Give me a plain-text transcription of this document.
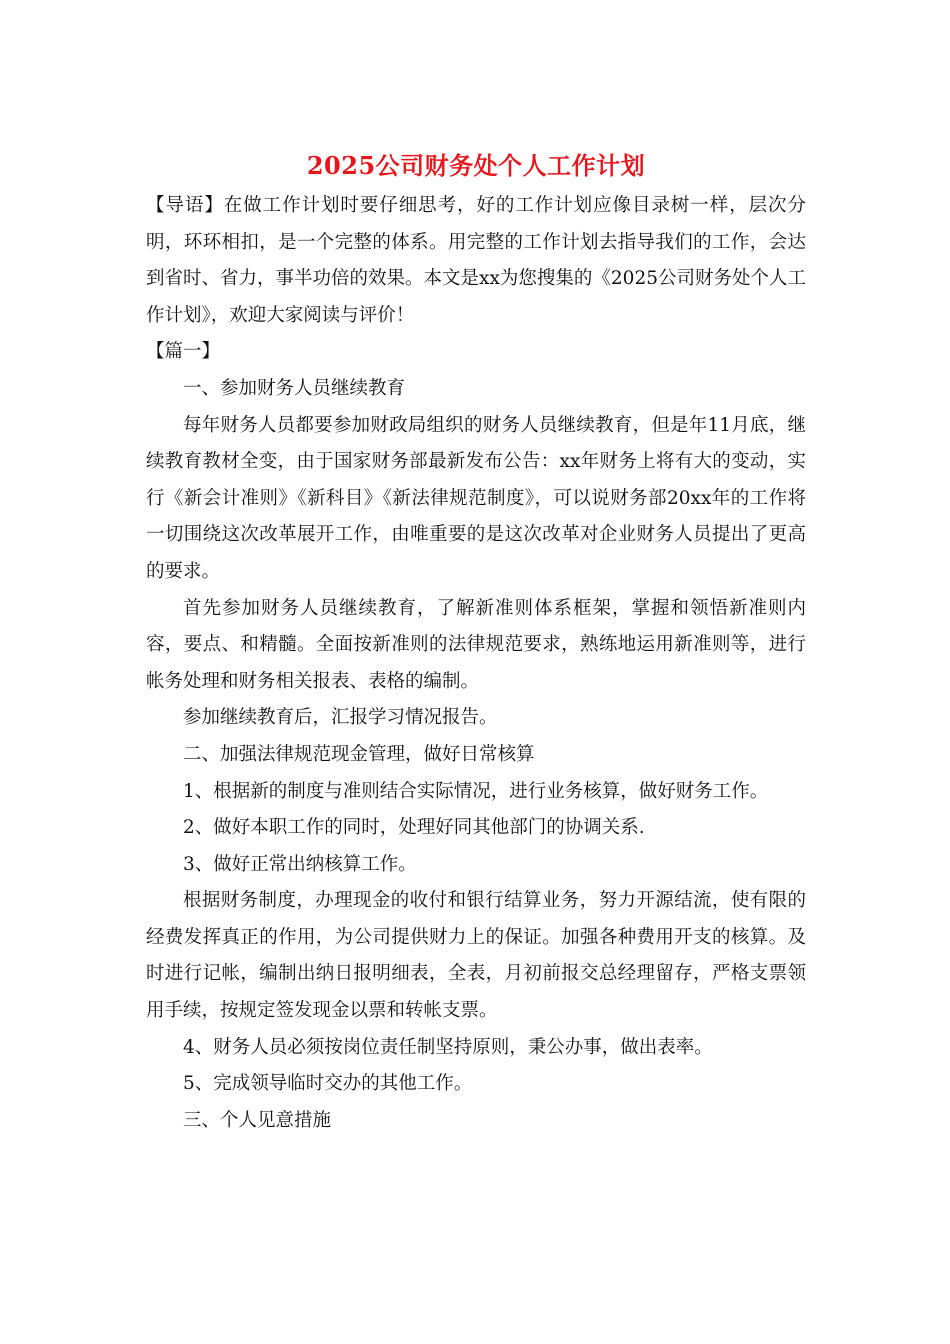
2025公司财务处个人工作计划

【导语】在做工作计划时要仔细思考，好的工作计划应像目录树一样，层次分明，环环相扣，是一个完整的体系。用完整的工作计划去指导我们的工作，会达到省时、省力，事半功倍的效果。本文是xx为您搜集的《2025公司财务处个人工作计划》，欢迎大家阅读与评价！

【篇一】

一、参加财务人员继续教育

每年财务人员都要参加财政局组织的财务人员继续教育，但是年11月底，继续教育教材全变，由于国家财务部最新发布公告：xx年财务上将有大的变动，实行《新会计准则》《新科目》《新法律规范制度》，可以说财务部20xx年的工作将一切围绕这次改革展开工作，由唯重要的是这次改革对企业财务人员提出了更高的要求。

首先参加财务人员继续教育，了解新准则体系框架，掌握和领悟新准则内容，要点、和精髓。全面按新准则的法律规范要求，熟练地运用新准则等，进行帐务处理和财务相关报表、表格的编制。

参加继续教育后，汇报学习情况报告。

二、加强法律规范现金管理，做好日常核算

1、根据新的制度与准则结合实际情况，进行业务核算，做好财务工作。

2、做好本职工作的同时，处理好同其他部门的协调关系.

3、做好正常出纳核算工作。

根据财务制度，办理现金的收付和银行结算业务，努力开源结流，使有限的经费发挥真正的作用，为公司提供财力上的保证。加强各种费用开支的核算。及时进行记帐，编制出纳日报明细表，全表，月初前报交总经理留存，严格支票领用手续，按规定签发现金以票和转帐支票。

4、财务人员必须按岗位责任制坚持原则，秉公办事，做出表率。

5、完成领导临时交办的其他工作。

三、个人见意措施
